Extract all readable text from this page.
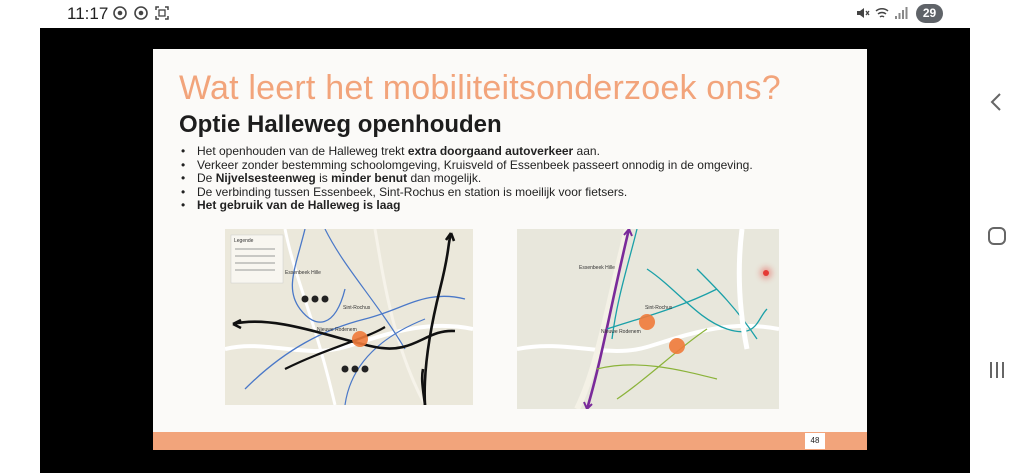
11:17	29
Wat leert het mobiliteitsonderzoek ons?
Optie Halleweg openhouden
• Het openhouden van de Halleweg trekt extra doorgaand autoverkeer aan.
• Verkeer zonder bestemming schoolomgeving, Kruisveld of Essenbeek passeert onnodig in de omgeving.
• De Nijvelsesteenweg is minder benut dan mogelijk.
• De verbinding tussen Essenbeek, Sint-Rochus en station is moeilijk voor fietsers.
• Het gebruik van de Halleweg is laag
Legende
Essenbeek Hille
Sint-Rochus
Nieuwe Rodenem
Essenbeek Hille
Sint-Rochus
Nieuwe Rodenem
48
